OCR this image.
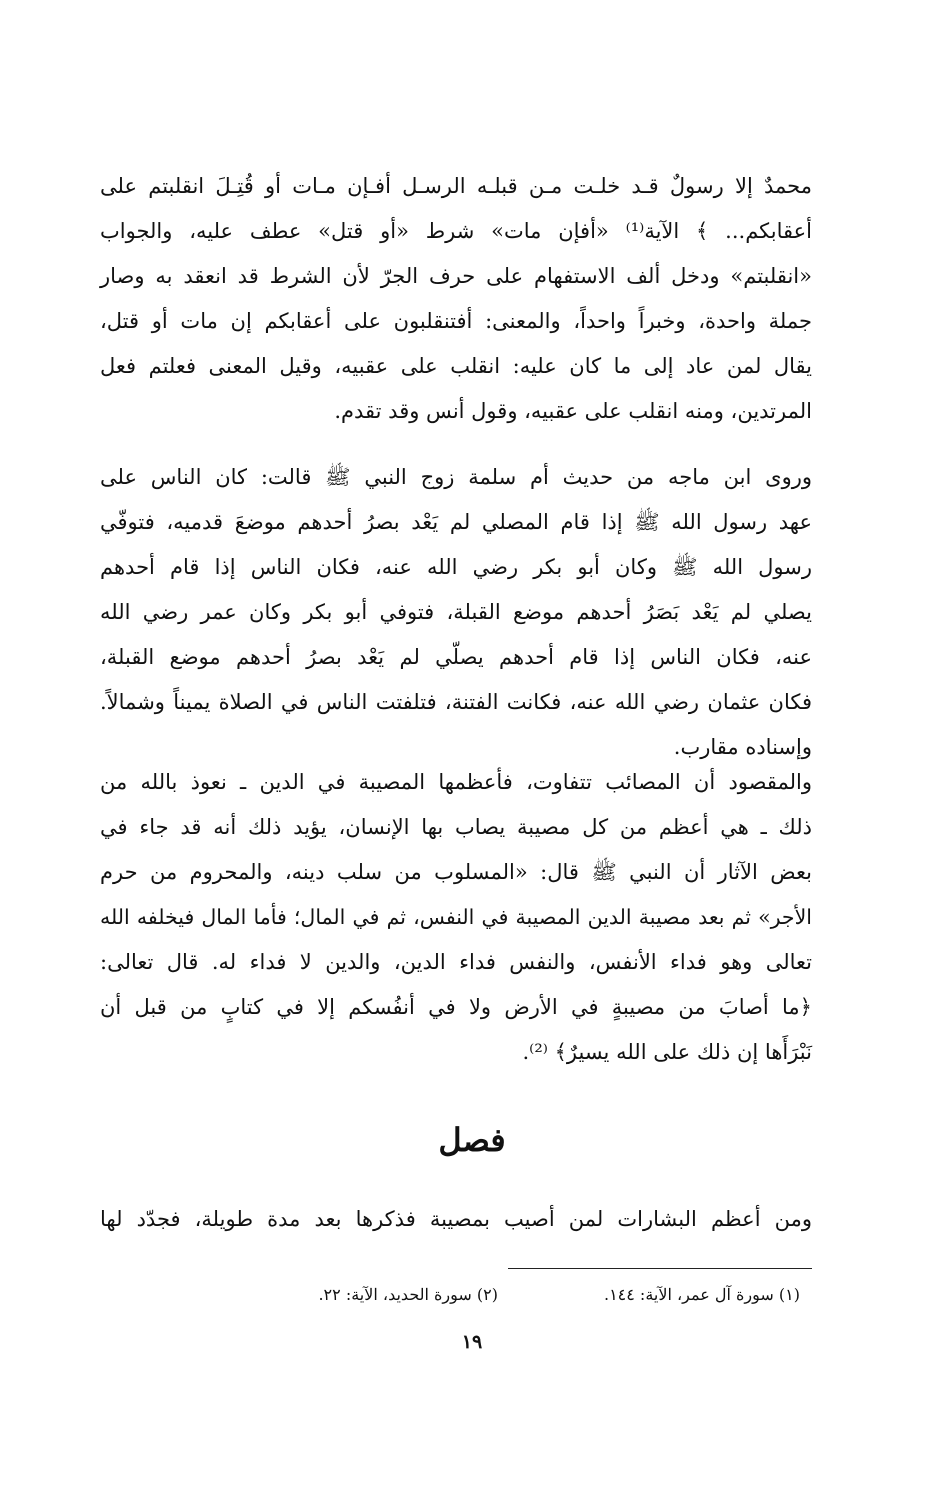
محمدٌ إلا رسولٌ قـد خلـت مـن قبلـه الرسـل أفـإن مـات أو قُتِـلَ انقلبتم على
أعقابكم... ﴾ الآية⁽¹⁾ «أفإن مات» شرط «أو قتل» عطف عليه، والجواب
«انقلبتم» ودخل ألف الاستفهام على حرف الجرّ لأن الشرط قد انعقد به وصار
جملة واحدة، وخبراً واحداً، والمعنى: أفتنقلبون على أعقابكم إن مات أو قتل،
يقال لمن عاد إلى ما كان عليه: انقلب على عقبيه، وقيل المعنى فعلتم فعل
المرتدين، ومنه انقلب على عقبيه، وقول أنس وقد تقدم.
وروى ابن ماجه من حديث أم سلمة زوج النبي ﷺ قالت: كان الناس على
عهد رسول الله ﷺ إذا قام المصلي لم يَعْد بصرُ أحدهم موضعَ قدميه، فتوفّي
رسول الله ﷺ وكان أبو بكر رضي الله عنه، فكان الناس إذا قام أحدهم
يصلي لم يَعْد بَصَرُ أحدهم موضع القبلة، فتوفي أبو بكر وكان عمر رضي الله
عنه، فكان الناس إذا قام أحدهم يصلّي لم يَعْد بصرُ أحدهم موضع القبلة،
فكان عثمان رضي الله عنه، فكانت الفتنة، فتلفتت الناس في الصلاة يميناً وشمالاً.
وإسناده مقارب.
والمقصود أن المصائب تتفاوت، فأعظمها المصيبة في الدين ـ نعوذ بالله من
ذلك ـ هي أعظم من كل مصيبة يصاب بها الإنسان، يؤيد ذلك أنه قد جاء في
بعض الآثار أن النبي ﷺ قال: «المسلوب من سلب دينه، والمحروم من حرم
الأجر» ثم بعد مصيبة الدين المصيبة في النفس، ثم في المال؛ فأما المال فيخلفه الله
تعالى وهو فداء الأنفس، والنفس فداء الدين، والدين لا فداء له. قال تعالى:
﴿ما أصابَ من مصيبةٍ في الأرض ولا في أنفُسكم إلا في كتابٍ من قبل أن
نَبْرَأَها إن ذلك على الله يسيرٌ﴾ ⁽²⁾.
فصل
ومن أعظم البشارات لمن أصيب بمصيبة فذكرها بعد مدة طويلة، فجدّد لها

(١) سورة آل عمر، الآية: ١٤٤.

(٢) سورة الحديد، الآية: ٢٢.

١٩
